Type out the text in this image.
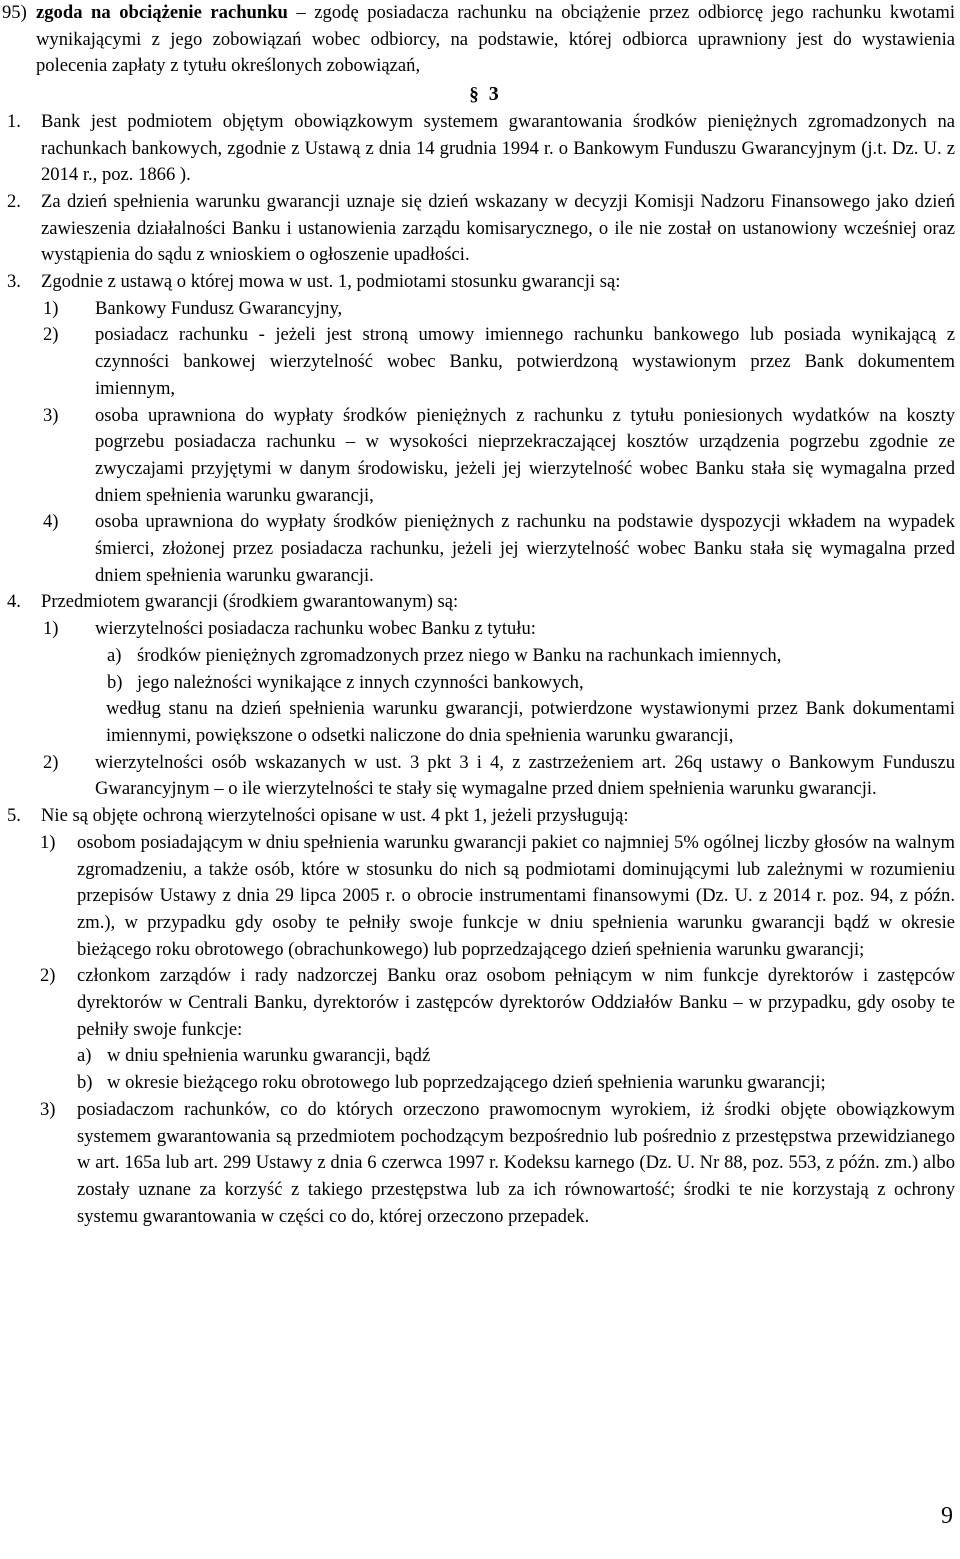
95) zgoda na obciążenie rachunku – zgodę posiadacza rachunku na obciążenie przez odbiorcę jego rachunku kwotami wynikającymi z jego zobowiązań wobec odbiorcy, na podstawie, której odbiorca uprawniony jest do wystawienia polecenia zapłaty z tytułu określonych zobowiązań,
§ 3
1.	Bank jest podmiotem objętym obowiązkowym systemem gwarantowania środków pieniężnych zgromadzonych na rachunkach bankowych, zgodnie z Ustawą z dnia 14 grudnia 1994 r. o Bankowym Funduszu Gwarancyjnym (j.t. Dz. U. z 2014 r., poz. 1866 ).
2.	Za dzień spełnienia warunku gwarancji uznaje się dzień wskazany w decyzji Komisji Nadzoru Finansowego jako dzień zawieszenia działalności Banku i ustanowienia zarządu komisarycznego, o ile nie został on ustanowiony wcześniej oraz wystąpienia do sądu z wnioskiem o ogłoszenie upadłości.
3.	Zgodnie z ustawą o której mowa w ust. 1, podmiotami stosunku gwarancji są:
1)	Bankowy Fundusz Gwarancyjny,
2)	posiadacz rachunku - jeżeli jest stroną umowy imiennego rachunku bankowego lub posiada wynikającą z czynności bankowej wierzytelność wobec Banku, potwierdzoną wystawionym przez Bank dokumentem imiennym,
3)	osoba uprawniona do wypłaty środków pieniężnych z rachunku z tytułu poniesionych wydatków na koszty pogrzebu posiadacza rachunku – w wysokości nieprzekraczającej kosztów urządzenia pogrzebu zgodnie ze zwyczajami przyjętymi w danym środowisku, jeżeli jej wierzytelność wobec Banku stała się wymagalna przed dniem spełnienia warunku gwarancji,
4)	osoba uprawniona do wypłaty środków pieniężnych z rachunku na podstawie dyspozycji wkładem na wypadek śmierci, złożonej przez posiadacza rachunku, jeżeli jej wierzytelność wobec Banku stała się wymagalna przed dniem spełnienia warunku gwarancji.
4.	Przedmiotem gwarancji (środkiem gwarantowanym) są:
1)	wierzytelności posiadacza rachunku wobec Banku z tytułu:
a) środków pieniężnych zgromadzonych przez niego w Banku na rachunkach imiennych,
b) jego należności wynikające z innych czynności bankowych,
według stanu na dzień spełnienia warunku gwarancji, potwierdzone wystawionymi przez Bank dokumentami imiennymi, powiększone o odsetki naliczone do dnia spełnienia warunku gwarancji,
2)	wierzytelności osób wskazanych w ust. 3 pkt 3 i 4, z zastrzeżeniem art. 26q ustawy o Bankowym Funduszu Gwarancyjnym – o ile wierzytelności te stały się wymagalne przed dniem spełnienia warunku gwarancji.
5.	Nie są objęte ochroną wierzytelności opisane w ust. 4 pkt 1, jeżeli przysługują:
1)	osobom posiadającym w dniu spełnienia warunku gwarancji pakiet co najmniej 5% ogólnej liczby głosów na walnym zgromadzeniu, a także osób, które w stosunku do nich są podmiotami dominującymi lub zależnymi w rozumieniu przepisów Ustawy z dnia 29 lipca 2005 r. o obrocie instrumentami finansowymi (Dz. U. z 2014 r. poz. 94, z późn. zm.), w przypadku gdy osoby te pełniły swoje funkcje w dniu spełnienia warunku gwarancji bądź w okresie bieżącego roku obrotowego (obrachunkowego) lub poprzedzającego dzień spełnienia warunku gwarancji;
2)	członkom zarządów i rady nadzorczej Banku oraz osobom pełniącym w nim funkcje dyrektorów i zastępców dyrektorów w Centrali Banku, dyrektorów i zastępców dyrektorów Oddziałów Banku – w przypadku, gdy osoby te pełniły swoje funkcje:
a) w dniu spełnienia warunku gwarancji, bądź
b) w okresie bieżącego roku obrotowego lub poprzedzającego dzień spełnienia warunku gwarancji;
3)	posiadaczom rachunków, co do których orzeczono prawomocnym wyrokiem, iż środki objęte obowiązkowym systemem gwarantowania są przedmiotem pochodzącym bezpośrednio lub pośrednio z przestępstwa przewidzianego w art. 165a lub art. 299 Ustawy z dnia 6 czerwca 1997 r. Kodeksu karnego (Dz. U. Nr 88, poz. 553, z późn. zm.) albo zostały uznane za korzyść z takiego przestępstwa lub za ich równowartość; środki te nie korzystają z ochrony systemu gwarantowania w części co do, której orzeczono przepadek.
9
